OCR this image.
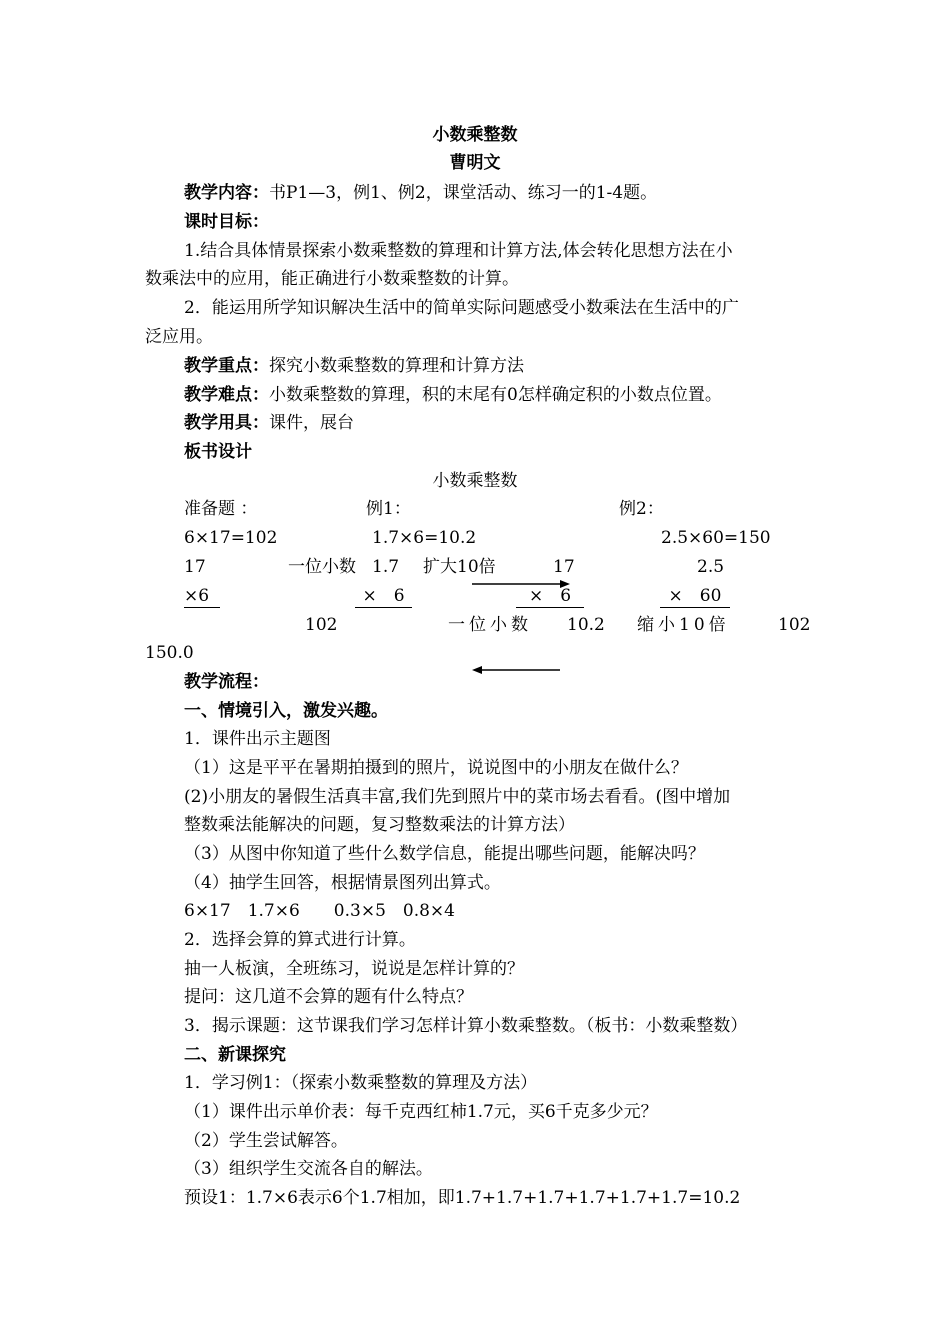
小数乘整数
曹明文
教学内容：书P1—3，例1、例2，课堂活动、练习一的1-4题。
课时目标：
1.结合具体情景探索小数乘整数的算理和计算方法,体会转化思想方法在小
数乘法中的应用，能正确进行小数乘整数的计算。
2．能运用所学知识解决生活中的简单实际问题感受小数乘法在生活中的广
泛应用。
教学重点：探究小数乘整数的算理和计算方法
教学难点：小数乘整数的算理，积的末尾有0怎样确定积的小数点位置。
教学用具：课件，展台
板书设计
小数乘整数
准备题 ：	例1：	例2：
6×17=102	1.7×6=10.2	2.5×60=150
17	一位小数 1.7 扩大10倍	17	2.5
×6	×　6	×　6	×　60
102	一位小数 10.2 缩小10倍	102
150.0
教学流程：
一、情境引入，激发兴趣。
1．课件出示主题图
（1）这是平平在暑期拍摄到的照片，说说图中的小朋友在做什么？
(2)小朋友的暑假生活真丰富,我们先到照片中的菜市场去看看。(图中增加
整数乘法能解决的问题，复习整数乘法的计算方法）
（3）从图中你知道了些什么数学信息，能提出哪些问题，能解决吗？
（4）抽学生回答，根据情景图列出算式。
6×17　1.7×6　　0.3×5　0.8×4
2．选择会算的算式进行计算。
抽一人板演，全班练习，说说是怎样计算的？
提问：这几道不会算的题有什么特点？
3．揭示课题：这节课我们学习怎样计算小数乘整数。（板书：小数乘整数）
二、新课探究
1．学习例1：（探索小数乘整数的算理及方法）
（1）课件出示单价表：每千克西红柿1.7元，买6千克多少元？
（2）学生尝试解答。
（3）组织学生交流各自的解法。
预设1：1.7×6表示6个1.7相加，即1.7+1.7+1.7+1.7+1.7+1.7=10.2
